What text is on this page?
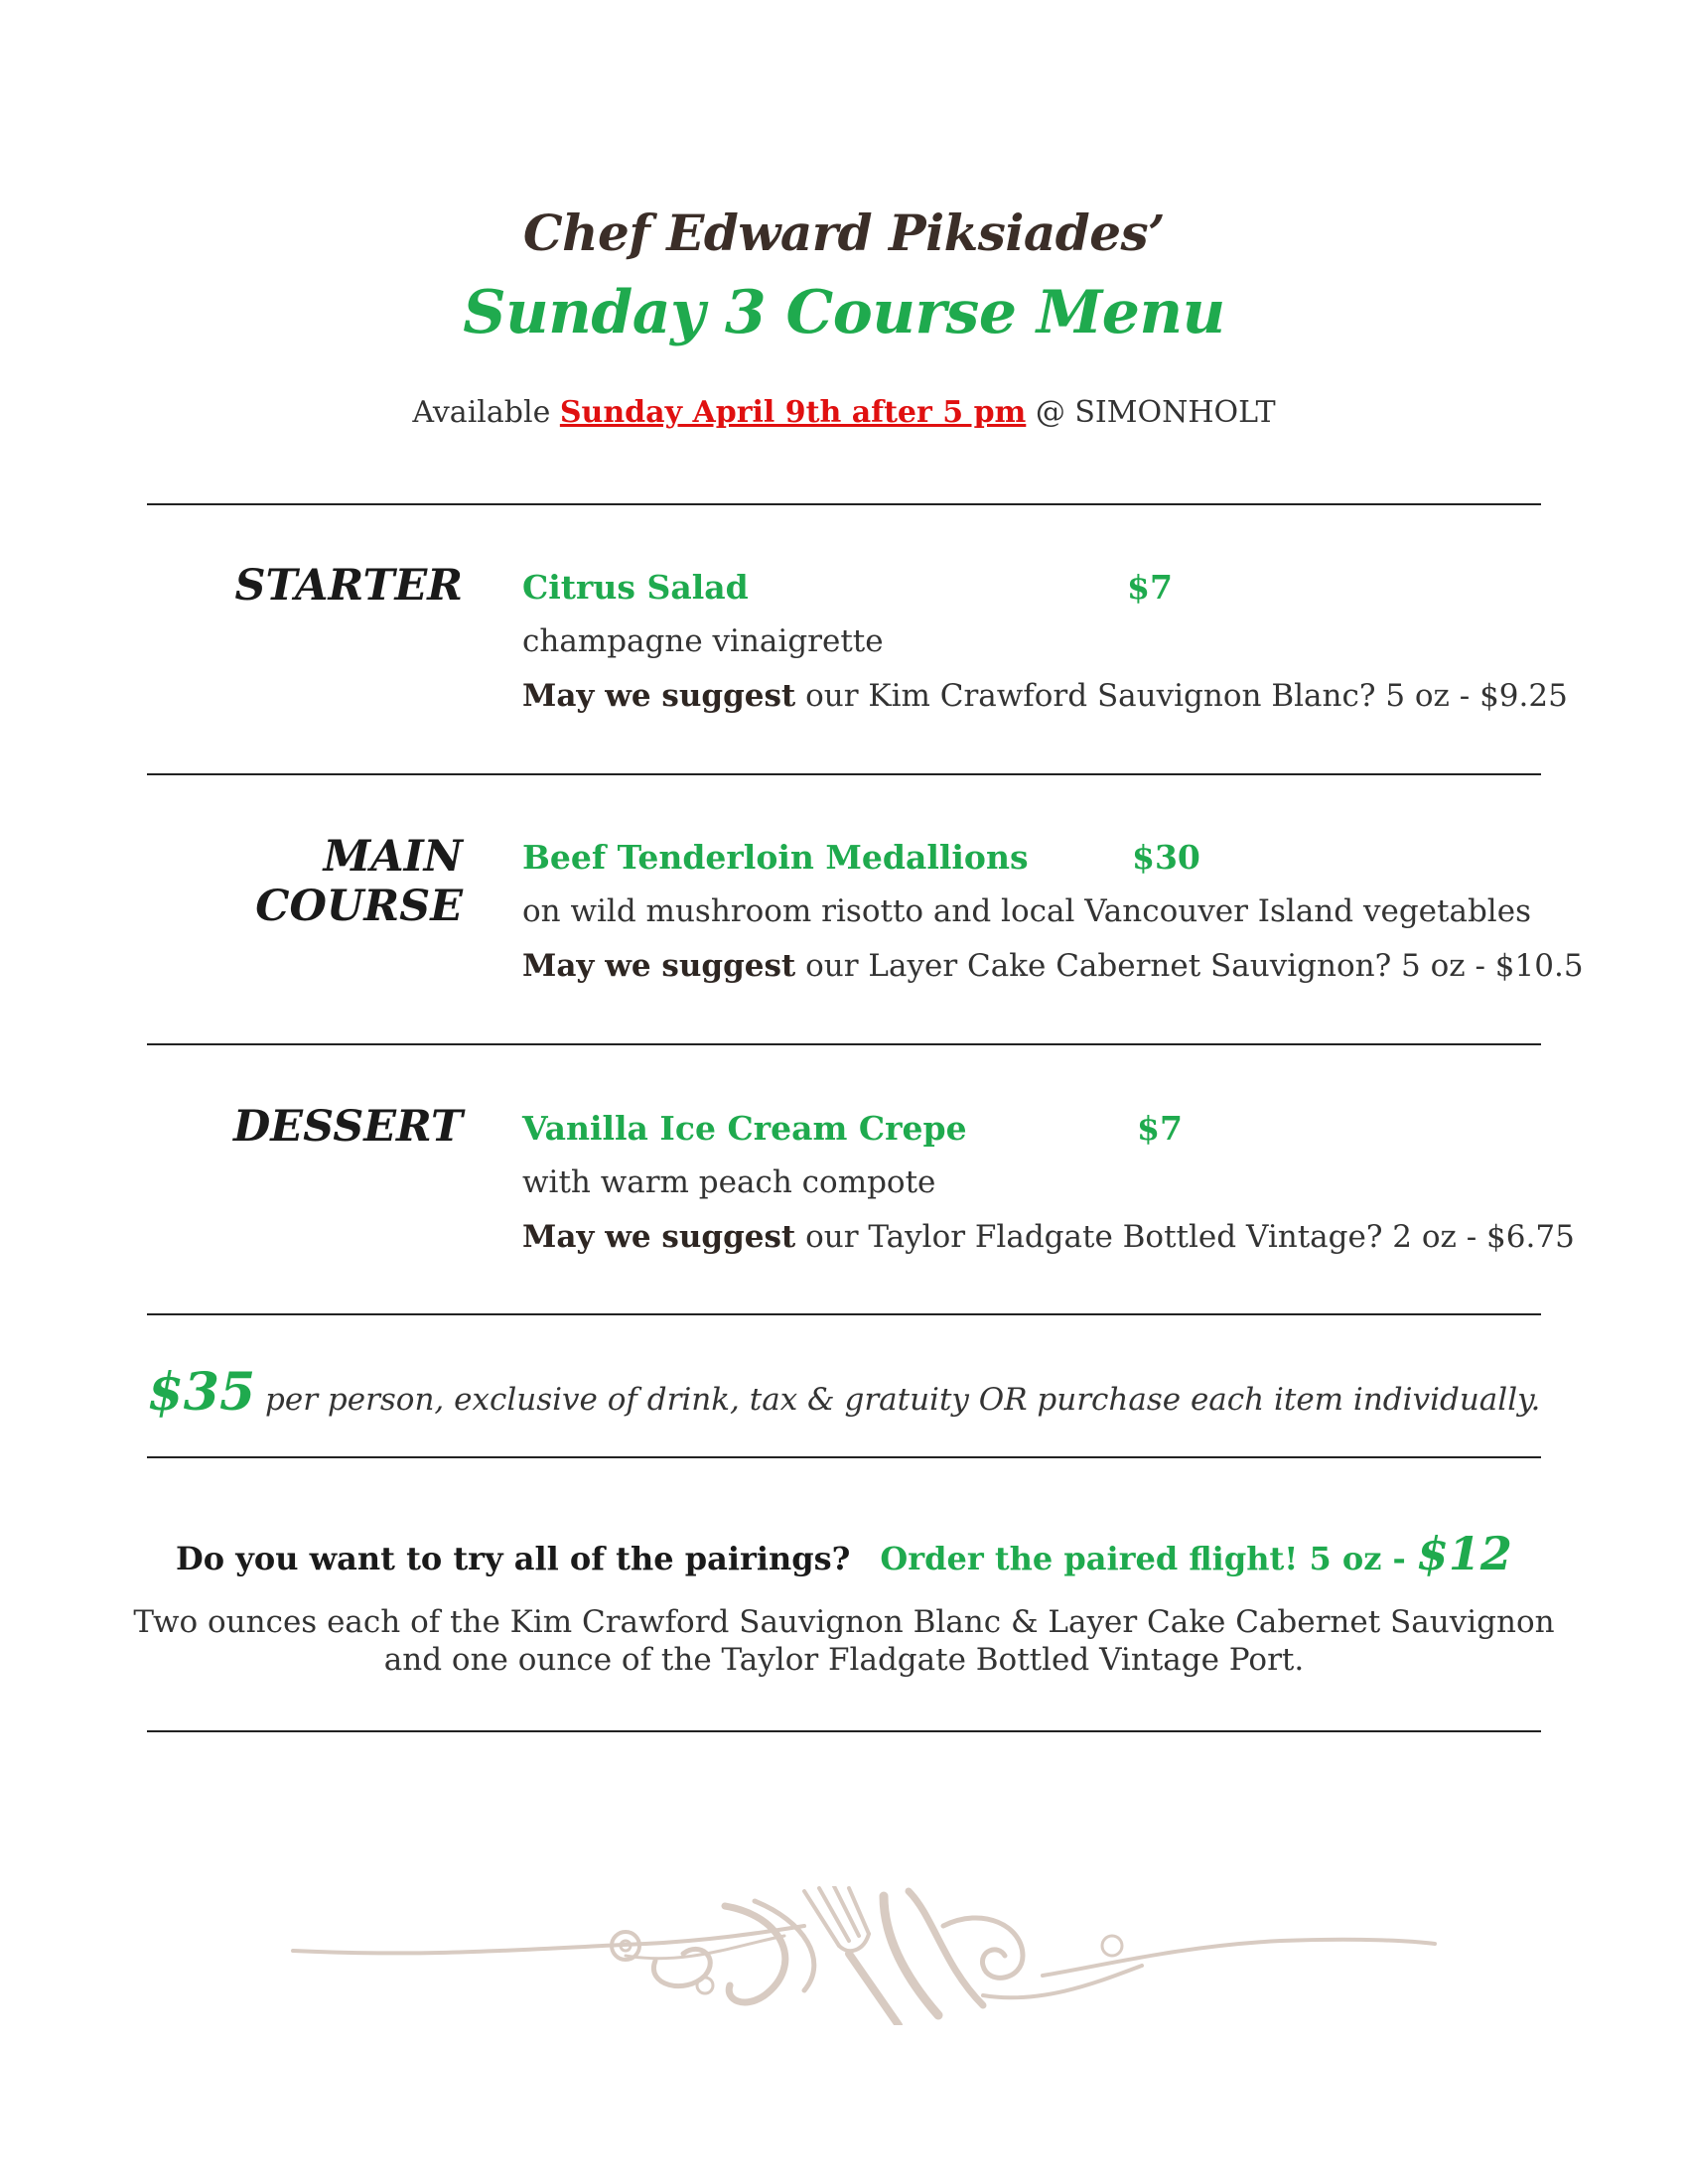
Chef Edward Piksiades’
Sunday 3 Course Menu
Available Sunday April 9th after 5 pm @ SIMONHOLT
STARTER Citrus Salad	$7
champagne vinaigrette
May we suggest our Kim Crawford Sauvignon Blanc? 5 oz - $9.25
MAIN
COURSE
Beef Tenderloin Medallions	$30
on wild mushroom risotto and local Vancouver Island vegetables
May we suggest our Layer Cake Cabernet Sauvignon? 5 oz - $10.5
DESSERT Vanilla Ice Cream Crepe	$7
with warm peach compote
May we suggest our Taylor Fladgate Bottled Vintage? 2 oz - $6.75
$35 per person, exclusive of drink, tax & gratuity OR purchase each item individually.
Do you want to try all of the pairings? Order the paired flight! 5 oz - $12
Two ounces each of the Kim Crawford Sauvignon Blanc & Layer Cake Cabernet Sauvignon
and one ounce of the Taylor Fladgate Bottled Vintage Port.
